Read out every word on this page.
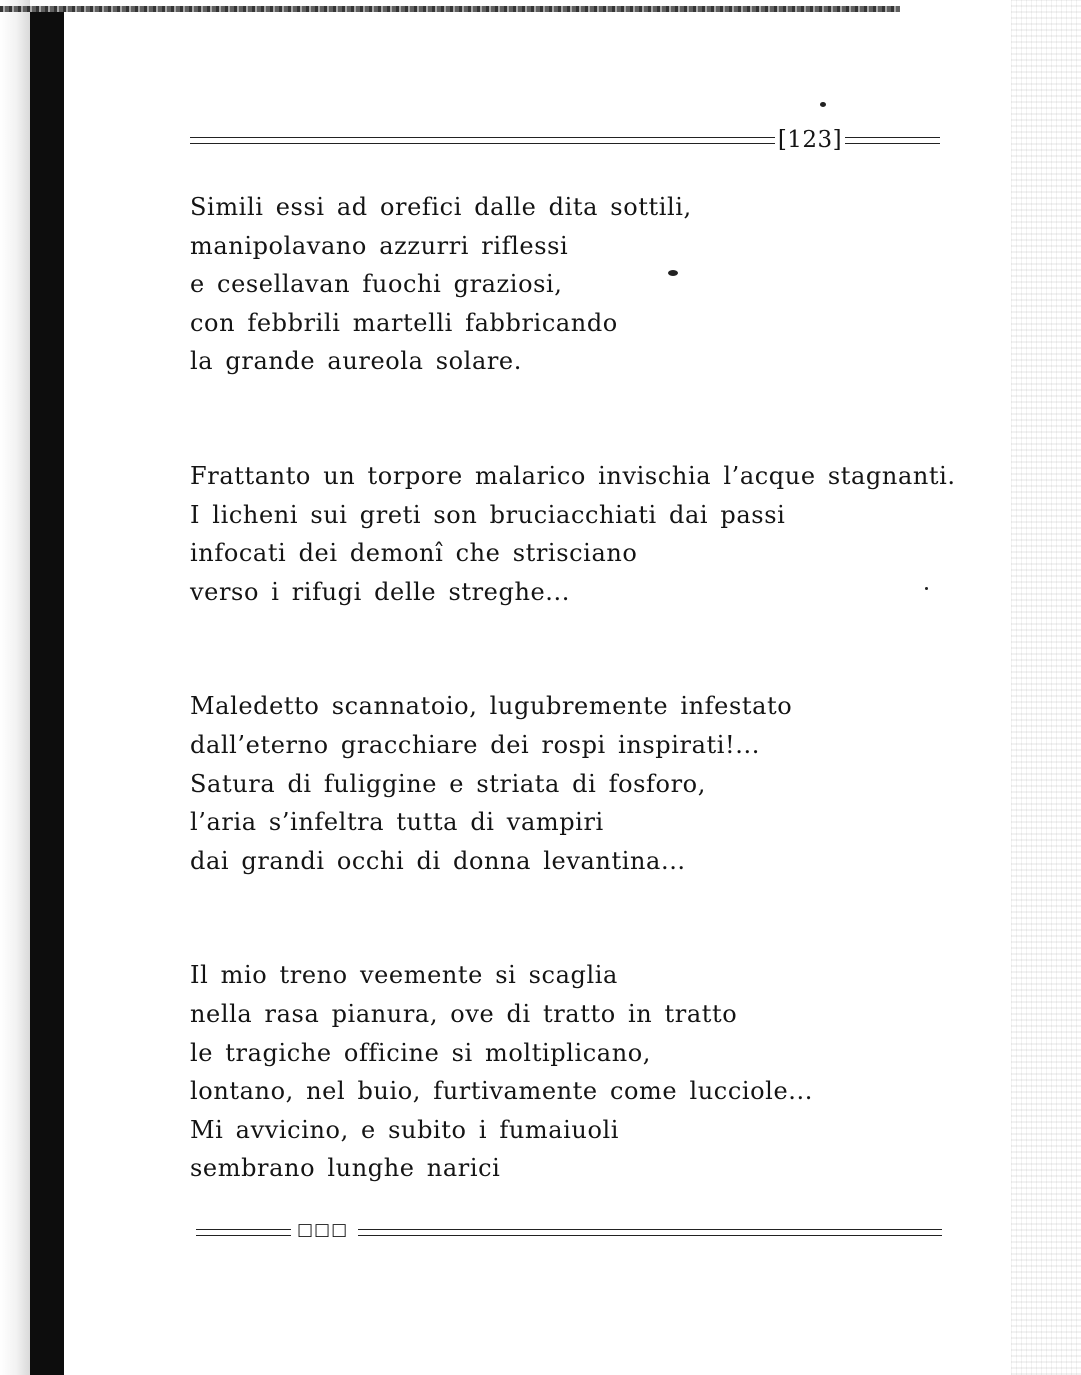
[123]
Simili essi ad orefici dalle dita sottili,
manipolavano azzurri riflessi
e cesellavan fuochi graziosi,
con febbrili martelli fabbricando
la grande aureola solare.
Frattanto un torpore malarico invischia l’acque stagnanti.
I licheni sui greti son bruciacchiati dai passi
infocati dei demonî che strisciano
verso i rifugi delle streghe...
Maledetto scannatoio, lugubremente infestato
dall’eterno gracchiare dei rospi inspirati!...
Satura di fuliggine e striata di fosforo,
l’aria s’infeltra tutta di vampiri
dai grandi occhi di donna levantina...
Il mio treno veemente si scaglia
nella rasa pianura, ove di tratto in tratto
le tragiche officine si moltiplicano,
lontano, nel buio, furtivamente come lucciole...
Mi avvicino, e subito i fumaiuoli
sembrano lunghe narici
□□□
